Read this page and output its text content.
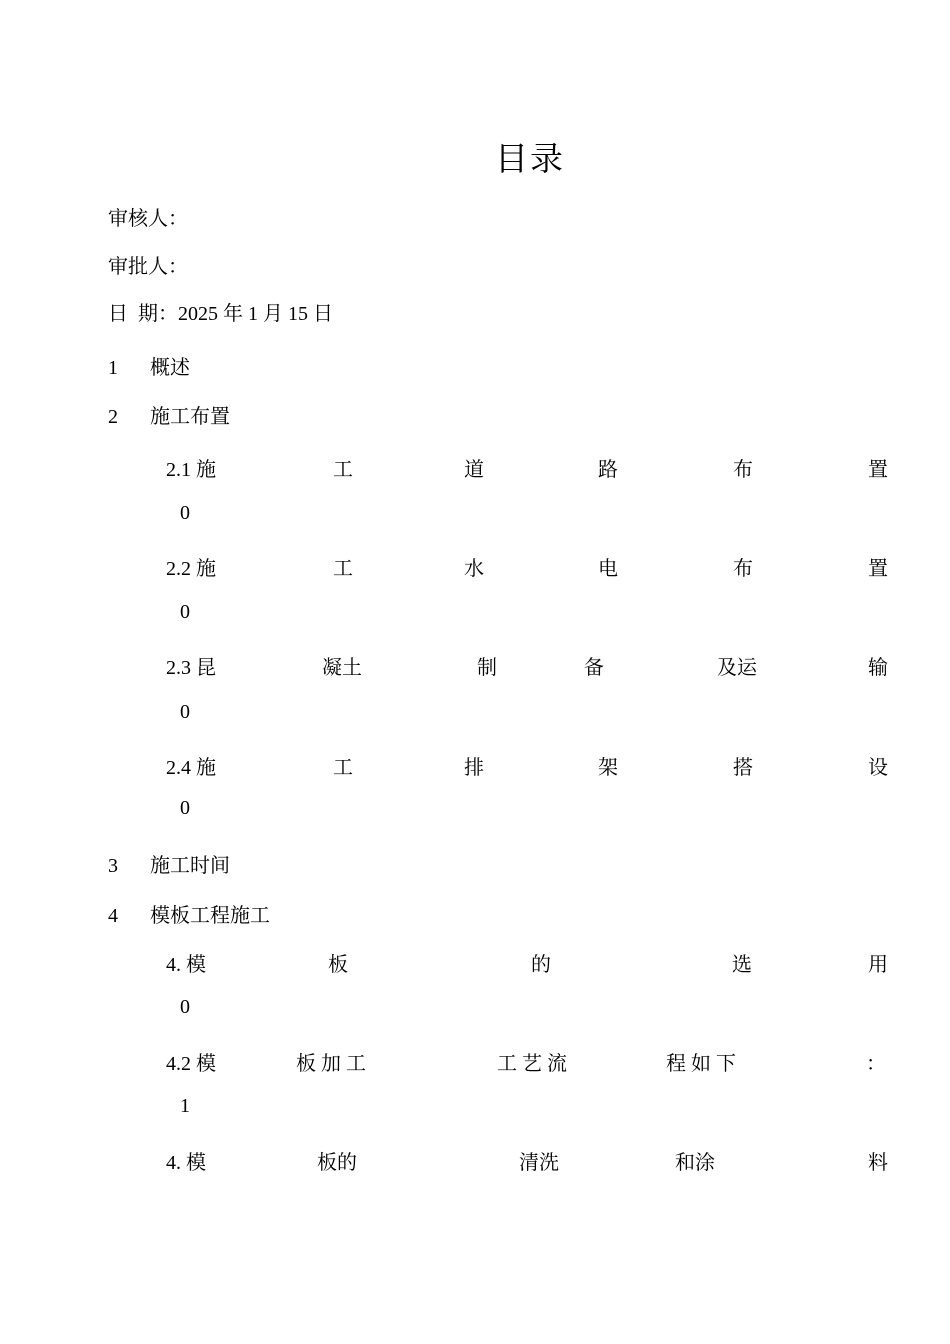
目录
审核人：
审批人：
日  期：2025 年 1 月 15 日
1 概述
2 施工布置
2.1 施	工	道	路	布	置
0
2.2 施	工	水	电	布	置
0
2.3 昆	凝土	制	备	及运	输
0
2.4 施	工	排	架	搭	设
0
3 施工时间
4 模板工程施工
4. 模	板	的	选	用
0
4.2 模	板 加 工	工 艺 流	程 如 下	：
1
4. 模	板的	清洗	和涂	料
